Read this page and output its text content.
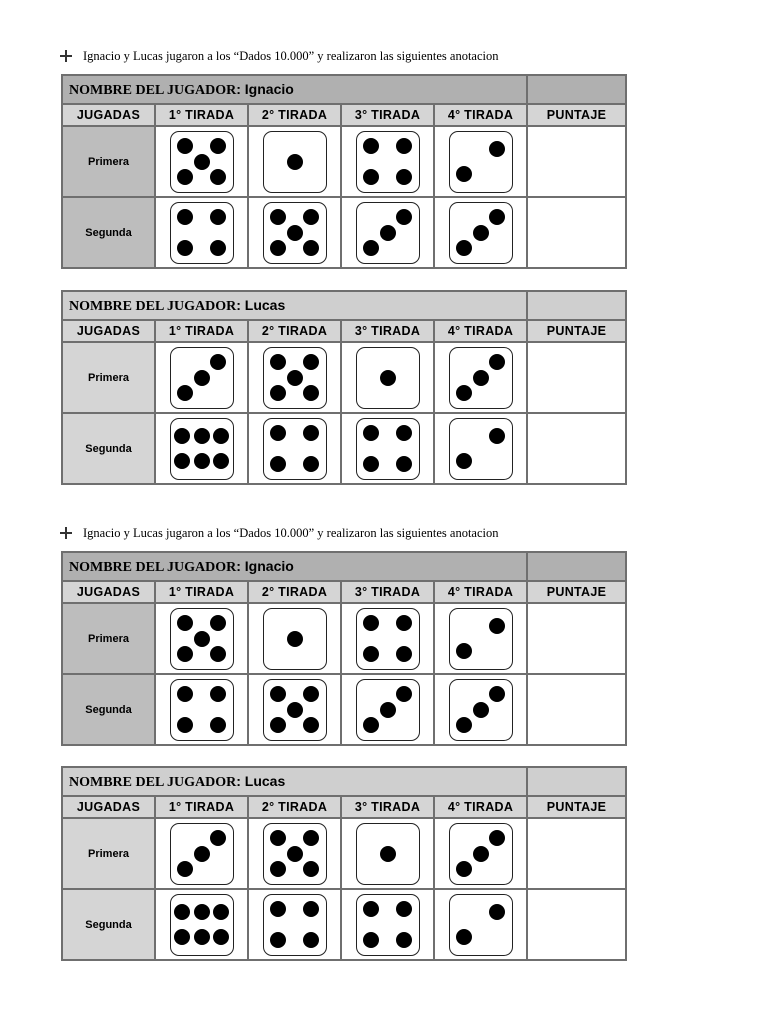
Ignacio y Lucas jugaron a los “Dados 10.000” y realizaron las siguientes anotacion
NOMBRE DEL JUGADOR: Ignacio					
JUGADAS	1° TIRADA	2° TIRADA	3° TIRADA	4° TIRADA	PUNTAJE
Primera	

Segunda	

NOMBRE DEL JUGADOR: Lucas					
JUGADAS	1° TIRADA	2° TIRADA	3° TIRADA	4° TIRADA	PUNTAJE
Primera	

Segunda	

Ignacio y Lucas jugaron a los “Dados 10.000” y realizaron las siguientes anotacion
NOMBRE DEL JUGADOR: Ignacio					
JUGADAS	1° TIRADA	2° TIRADA	3° TIRADA	4° TIRADA	PUNTAJE
Primera	

Segunda	

NOMBRE DEL JUGADOR: Lucas					
JUGADAS	1° TIRADA	2° TIRADA	3° TIRADA	4° TIRADA	PUNTAJE
Primera	

Segunda	
